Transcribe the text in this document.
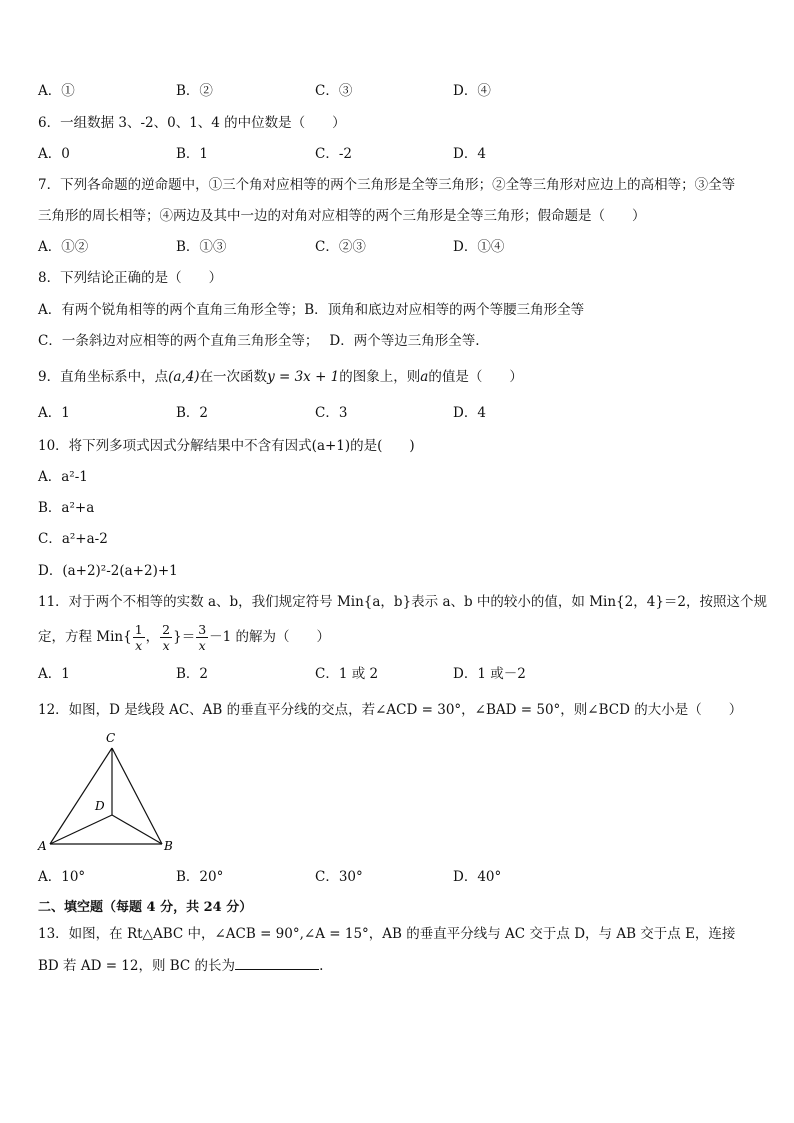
A．①	B．②	C．③	D．④
6．一组数据 3、-2、0、1、4 的中位数是（　　）
A．0	B．1	C．-2	D．4
7．下列各命题的逆命题中，①三个角对应相等的两个三角形是全等三角形；②全等三角形对应边上的高相等；③全等
三角形的周长相等；④两边及其中一边的对角对应相等的两个三角形是全等三角形；假命题是（　　）
A．①②	B．①③	C．②③	D．①④
8．下列结论正确的是（　　）
A．有两个锐角相等的两个直角三角形全等；B．顶角和底边对应相等的两个等腰三角形全等
C．一条斜边对应相等的两个直角三角形全等；　 D．两个等边三角形全等.
9．直角坐标系中，点(a,4)在一次函数y = 3x + 1的图象上，则a的值是（　　）
A．1	B．2	C．3	D．4
10．将下列多项式因式分解结果中不含有因式(a+1)的是(　　)
A．a²-1
B．a²+a
C．a²+a-2
D．(a+2)²-2(a+2)+1
11．对于两个不相等的实数 a、b，我们规定符号 Min{a，b}表示 a、b 中的较小的值，如 Min{2，4}＝2，按照这个规
定，方程 $Min\{ \frac{1}{x}$ ， $\frac{2}{x}$ }＝ $\frac{3}{x} -1$ 的解为（　　）
A．1	B．2	C．1 或 2	D．1 或－2
12．如图，D 是线段 AC、AB 的垂直平分线的交点，若∠ACD = 30°，∠BAD = 50°，则∠BCD 的大小是（　　）
C
D
A	B
A．10°	B．20°	C．30°	D．40°
二、填空题（每题 4 分，共 24 分）
13．如图，在 Rt△ABC 中，∠ACB = 90°,∠A = 15°，AB 的垂直平分线与 AC 交于点 D，与 AB 交于点 E，连接
BD 若 AD = 12，则 BC 的长为	.
